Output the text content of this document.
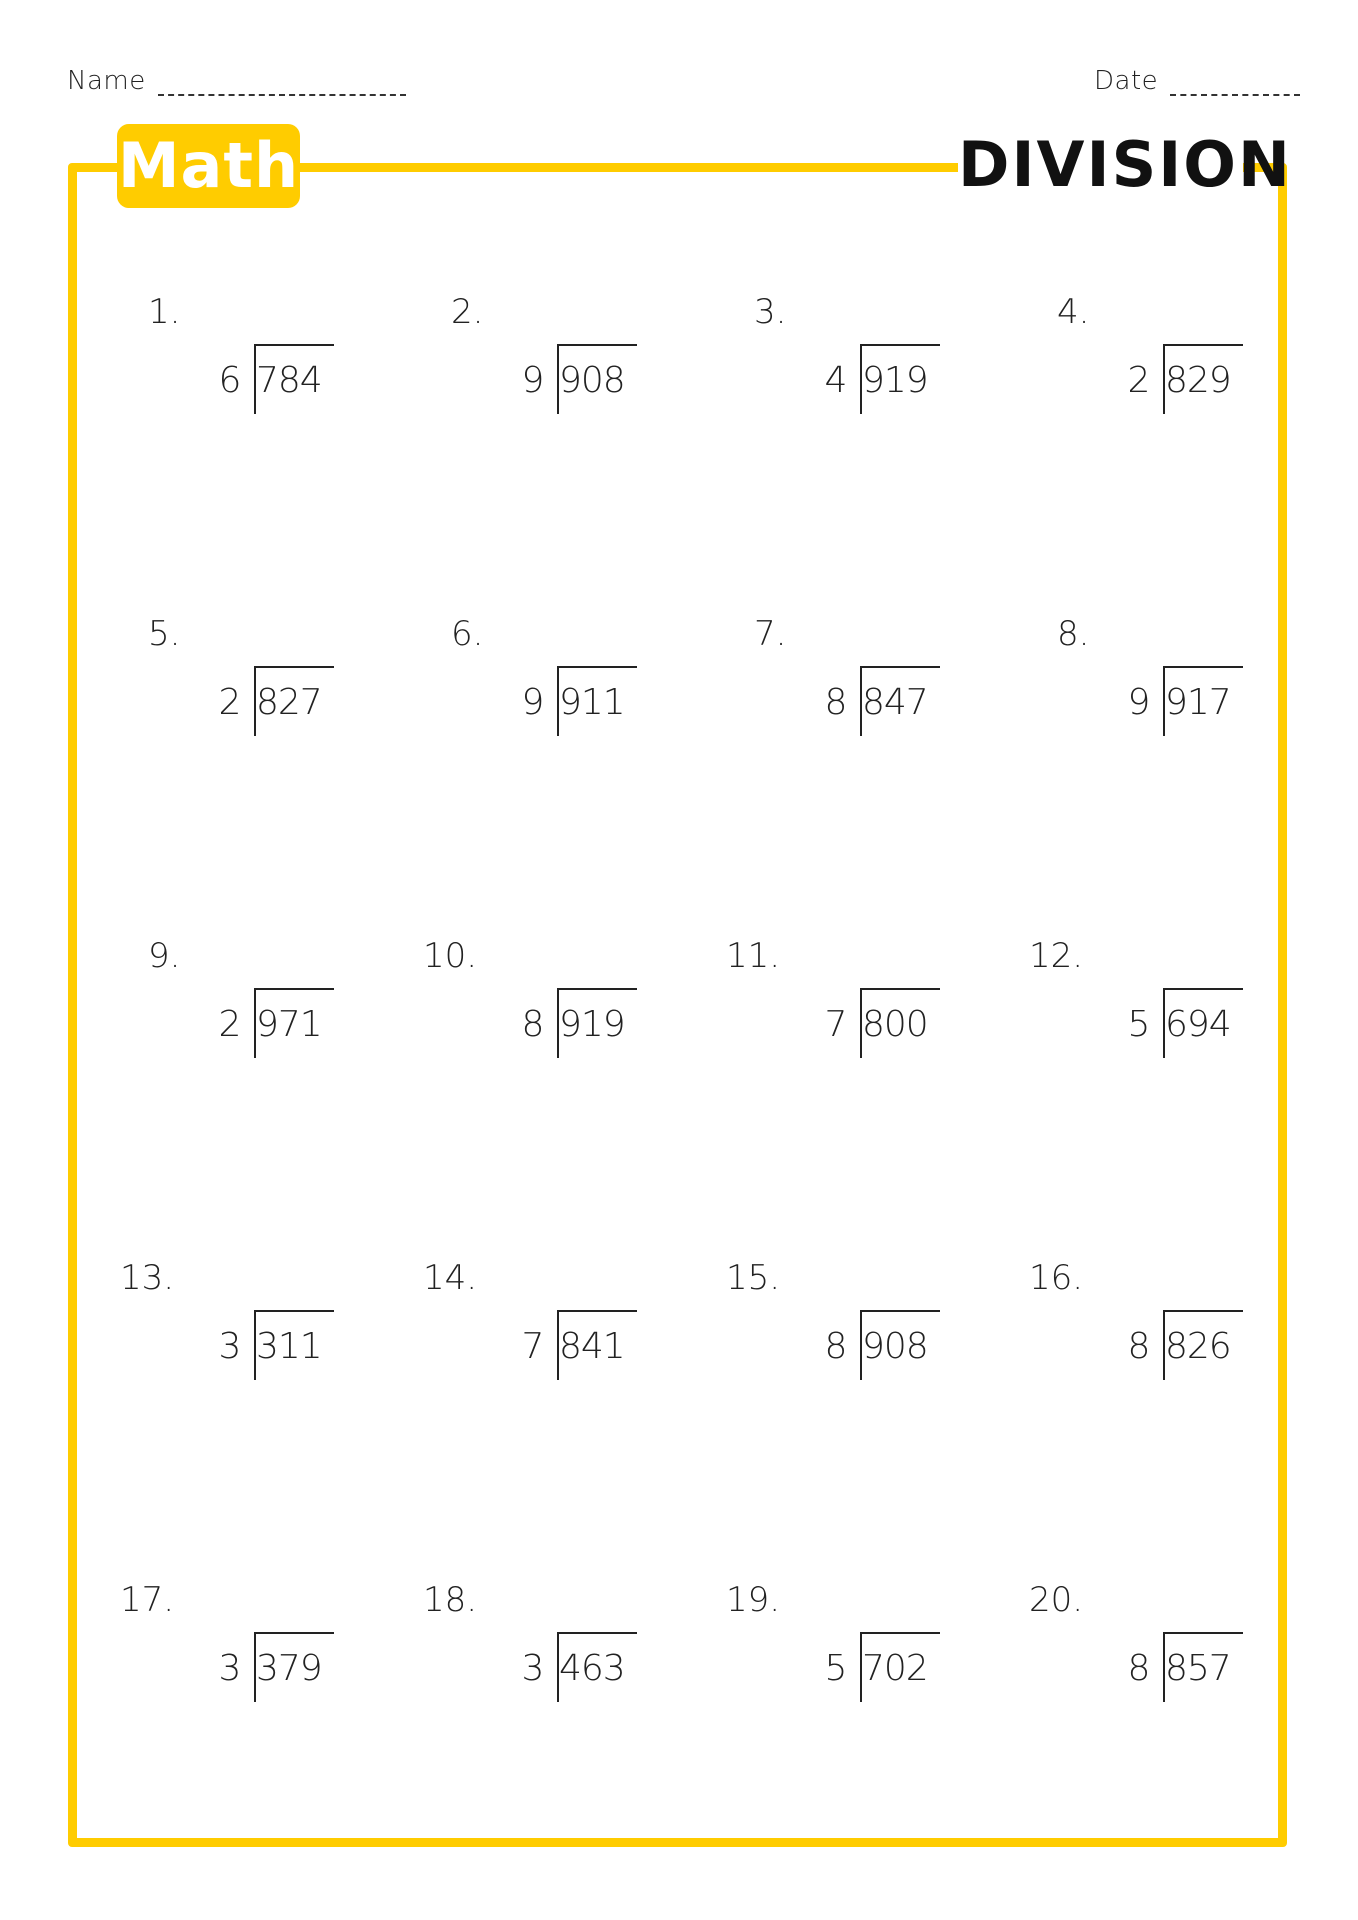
Name	Date
Math	DIVISION
1.
6 784
2.
9 908
3.
4 919
4.
2 829
5.
2 827
6.
9 911
7.
8 847
8.
9 917
9.
2 971
10.
8 919
11.
7 800
12.
5 694
13.
3 311
14.
7 841
15.
8 908
16.
8 826
17.
3 379
18.
3 463
19.
5 702
20.
8 857
